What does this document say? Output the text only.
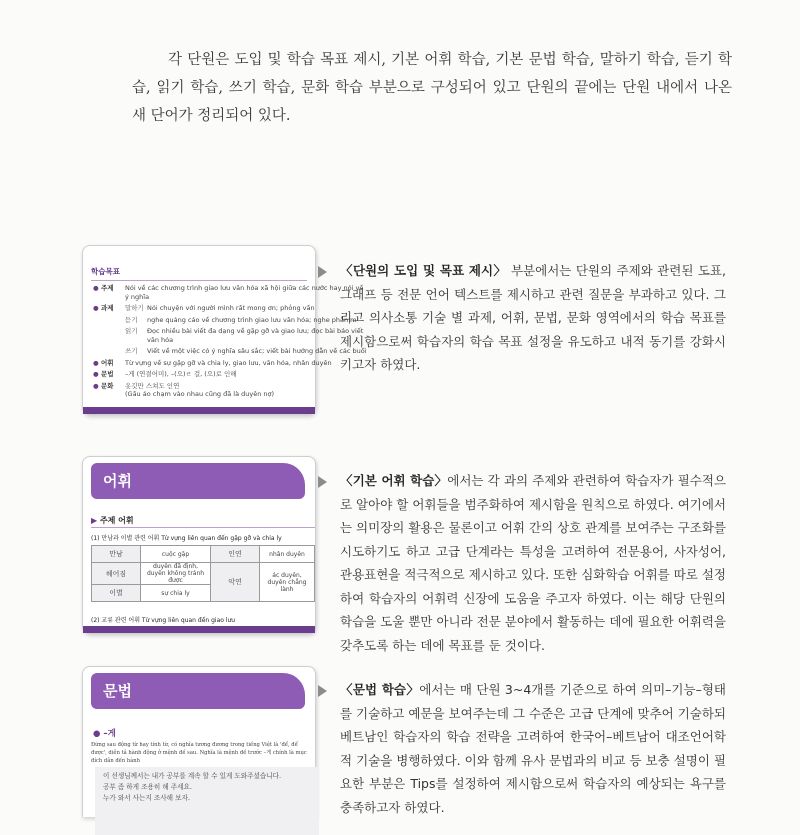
각 단원은 도입 및 학습 목표 제시, 기본 어휘 학습, 기본 문법 학습, 말하기 학습, 듣기 학습, 읽기 학습, 쓰기 학습, 문화 학습 부분으로 구성되어 있고 단원의 끝에는 단원 내에서 나온 새 단어가 정리되어 있다.

학습목표
● 주제	Nói về các chương trình giao lưu văn hóa xã hội giữa các nước hay nói về
ý nghĩa
● 과제	말하기 Nói chuyện với người mình rất mong ơn; phỏng vấn
듣기	nghe quảng cáo về chương trình giao lưu văn hóa; nghe phần m
읽기	Đọc nhiều bài viết đa dạng về gặp gỡ và giao lưu; đọc bài báo viết
văn hóa
쓰기	Viết về một việc có ý nghĩa sâu sắc; viết bài hướng dẫn về các buổi
● 어휘	Từ vựng về sự gặp gỡ và chia ly, giao lưu, văn hóa, nhân duyên
● 문법	–게 (연결어미), –(으)ㄹ 걸, (으)로 인해
● 문화	옷깃만 스쳐도 인연
(Gấu áo chạm vào nhau cũng đã là duyên nợ)

〈단원의 도입 및 목표 제시〉 부분에서는 단원의 주제와 관련된 도표, 그래프 등 전문 언어 텍스트를 제시하고 관련 질문을 부과하고 있다. 그리고 의사소통 기술 별 과제, 어휘, 문법, 문화 영역에서의 학습 목표를 제시함으로써 학습자의 학습 목표 설정을 유도하고 내적 동기를 강화시키고자 하였다.

어휘
▶ 주제 어휘
(1) 만남과 이별 관련 어휘 Từ vựng liên quan đến gặp gỡ và chia ly
만남	cuộc gặp	인연	nhân duyên
헤어짐	duyên đã định, duyên không tránh được	악연	ác duyên, duyên chẳng lành
이별	sự chia ly		
(2) 교류 관련 어휘 Từ vựng liên quan đến giao lưu

〈기본 어휘 학습〉에서는 각 과의 주제와 관련하여 학습자가 필수적으로 알아야 할 어휘들을 범주화하여 제시함을 원칙으로 하였다. 여기에서는 의미장의 활용은 물론이고 어휘 간의 상호 관계를 보여주는 구조화를 시도하기도 하고 고급 단계라는 특성을 고려하여 전문용어, 사자성어, 관용표현을 적극적으로 제시하고 있다. 또한 심화학습 어휘를 따로 설정하여 학습자의 어휘력 신장에 도움을 주고자 하였다. 이는 해당 단원의 학습을 도울 뿐만 아니라 전문 분야에서 활동하는 데에 필요한 어휘력을 갖추도록 하는 데에 목표를 둔 것이다.

문법
● –게
Đứng sau động từ hay tính từ, có nghĩa tương đương trong tiếng Việt là 'để, để được', diễn tả hành động ở mệnh đề sau. Nghĩa là mệnh đề trước –게 chính là mục đích dẫn đến hành
이 선생님께서는 내가 공부를 계속 할 수 있게 도와주셨습니다.
공부 좀 하게 조용히 해 주세요.
누가 와서 사는지 조사해 보자.

〈문법 학습〉에서는 매 단원 3~4개를 기준으로 하여 의미–기능–형태를 기술하고 예문을 보여주는데 그 수준은 고급 단계에 맞추어 기술하되 베트남인 학습자의 학습 전략을 고려하여 한국어–베트남어 대조언어학적 기술을 병행하였다. 이와 함께 유사 문법과의 비교 등 보충 설명이 필요한 부분은 Tips를 설정하여 제시함으로써 학습자의 예상되는 욕구를 충족하고자 하였다.
